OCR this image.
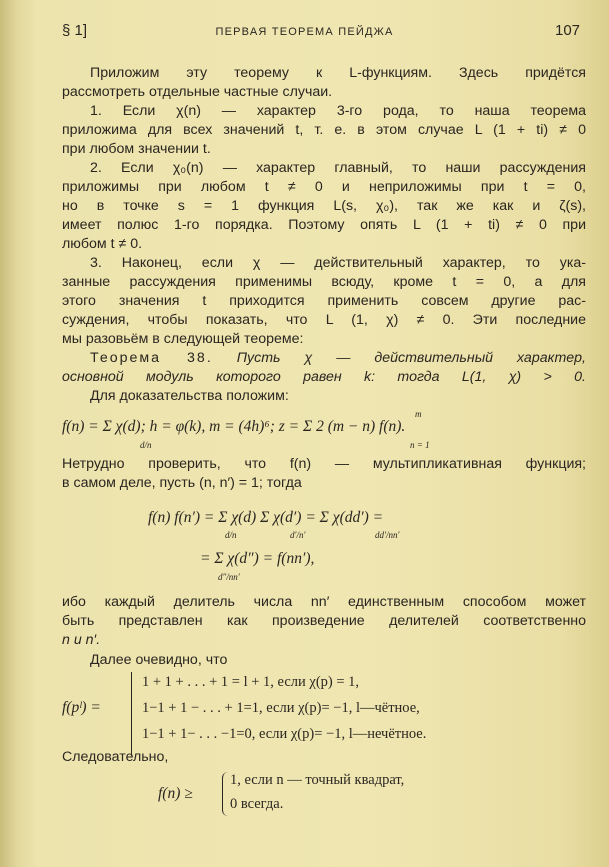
§ 1]	ПЕРВАЯ ТЕОРЕМА ПЕЙДЖА	107
Приложим эту теорему к L-функциям. Здесь придётся
рассмотреть отдельные частные случаи.
1. Если χ(n) — характер 3-го рода, то наша теорема
приложима для всех значений t, т. е. в этом случае L (1 + ti) ≠ 0
при любом значении t.
2. Если χ₀(n) — характер главный, то наши рассуждения
приложимы при любом t ≠ 0 и неприложимы при t = 0,
но в точке s = 1 функция L(s, χ₀), так же как и ζ(s),
имеет полюс 1-го порядка. Поэтому опять L (1 + ti) ≠ 0 при
любом t ≠ 0.
3. Наконец, если χ — действительный характер, то ука-
занные рассуждения применимы всюду, кроме t = 0, а для
этого значения t приходится применить совсем другие рас-
суждения, чтобы показать, что L (1, χ) ≠ 0. Эти последние
мы разовьём в следующей теореме:
Теорема 38. Пусть χ — действительный характер,
основной модуль которого равен k: тогда L(1, χ) > 0.
Для доказательства положим:
f(n) = Σ χ(d); h = φ(k), m = (4h)⁶; z = Σ 2 (m − n) f(n).
d/n
m
n = 1
Нетрудно проверить, что f(n) — мультипликативная функция;
в самом деле, пусть (n, n′) = 1; тогда
f(n) f(n′) = Σ χ(d) Σ χ(d′) = Σ χ(dd′) =
d/n	d′/n′	dd′/nn′
= Σ χ(d″) = f(nn′),
d″/nn′
ибо каждый делитель числа nn′ единственным способом может
быть представлен как произведение делителей соответственно
n и n′.
Далее очевидно, что
f(pˡ) =
1 + 1 + . . . + 1 = l + 1, если χ(p) = 1,
1−1 + 1 − . . . + 1=1, если χ(p)= −1, l—чётное,
1−1 + 1− . . . −1=0, если χ(p)= −1, l—нечётное.
Следовательно,
f(n) ≥
1, если n — точный квадрат,
0 всегда.
